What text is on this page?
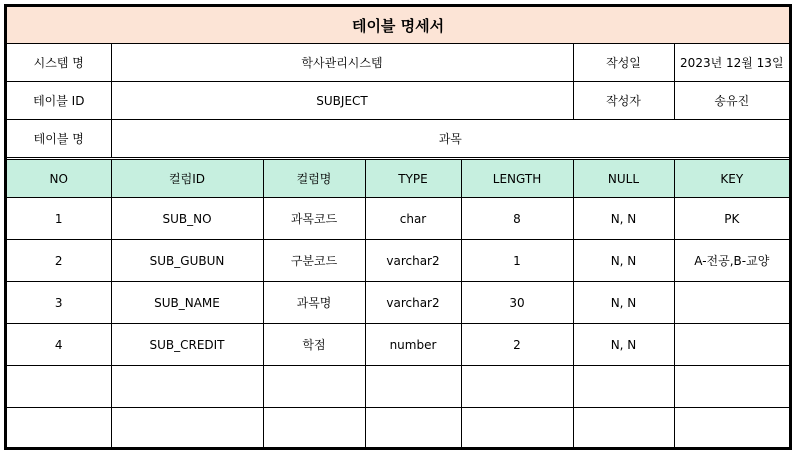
테이블 명세서						
시스템 명	학사관리시스템				작성일	2023년 12월 13일
테이블 ID	SUBJECT				작성자	송유진
테이블 명	과목					
NO	컬럼ID	컬럼명	TYPE	LENGTH	NULL	KEY
1	SUB_NO	과목코드	char	8	N, N	PK
2	SUB_GUBUN	구분코드	varchar2	1	N, N	A-전공,B-교양
3	SUB_NAME	과목명	varchar2	30	N, N	
4	SUB_CREDIT	학점	number	2	N, N	
